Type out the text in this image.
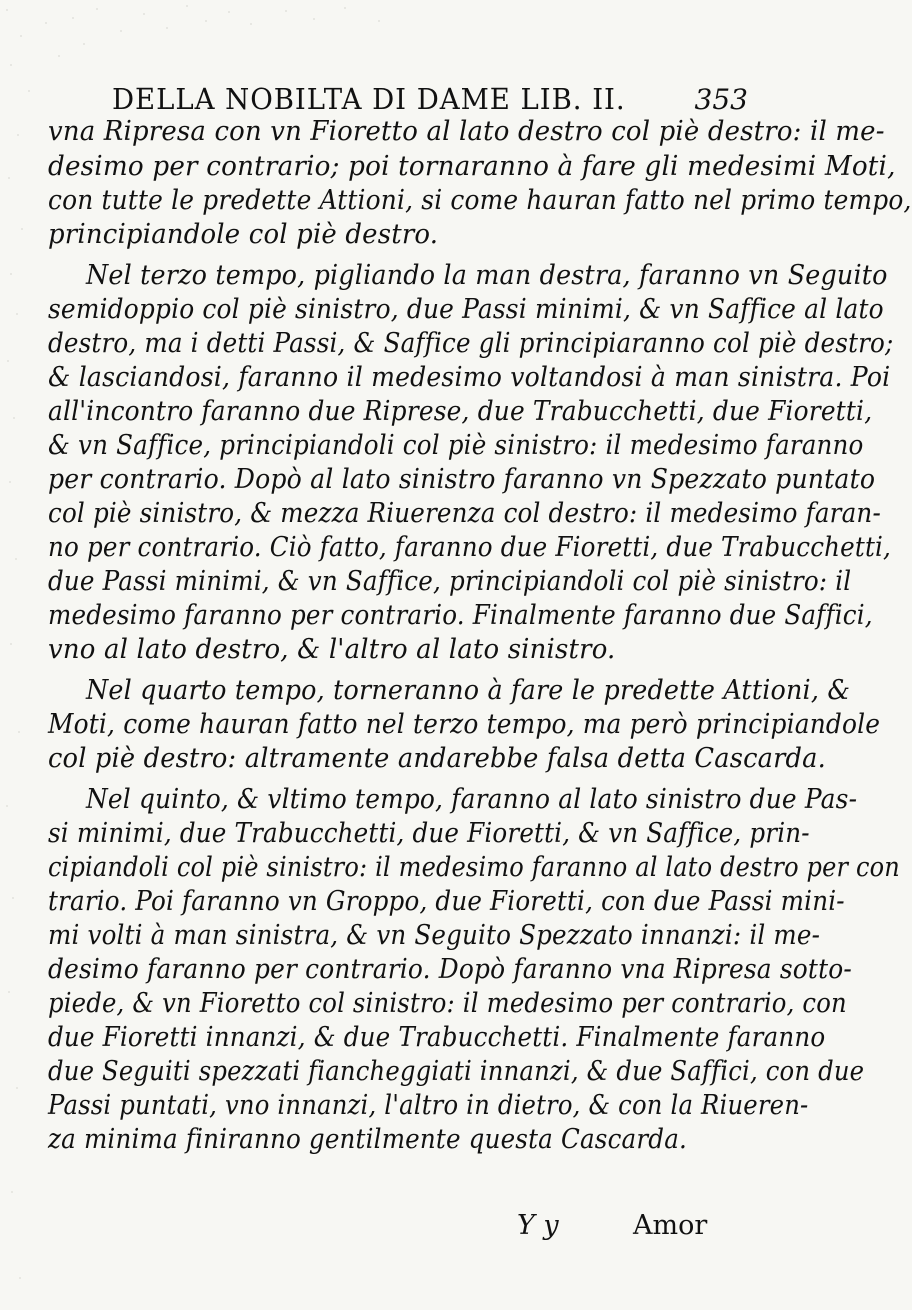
DELLA NOBILTA DI DAME LIB. II. 353
vna Ripresa con vn Fioretto al lato destro col piè destro: il me-
desimo per contrario; poi tornaranno à fare gli medesimi Moti,
con tutte le predette Attioni, si come hauran fatto nel primo tempo,
principiandole col piè destro.
Nel terzo tempo, pigliando la man destra, faranno vn Seguito
semidoppio col piè sinistro, due Passi minimi, & vn Saffice al lato
destro, ma i detti Passi, & Saffice gli principiaranno col piè destro;
& lasciandosi, faranno il medesimo voltandosi à man sinistra. Poi
all'incontro faranno due Riprese, due Trabucchetti, due Fioretti,
& vn Saffice, principiandoli col piè sinistro: il medesimo faranno
per contrario. Dopò al lato sinistro faranno vn Spezzato puntato
col piè sinistro, & mezza Riuerenza col destro: il medesimo faran-
no per contrario. Ciò fatto, faranno due Fioretti, due Trabucchetti,
due Passi minimi, & vn Saffice, principiandoli col piè sinistro: il
medesimo faranno per contrario. Finalmente faranno due Saffici,
vno al lato destro, & l'altro al lato sinistro.
Nel quarto tempo, torneranno à fare le predette Attioni, &
Moti, come hauran fatto nel terzo tempo, ma però principiandole
col piè destro: altramente andarebbe falsa detta Cascarda.
Nel quinto, & vltimo tempo, faranno al lato sinistro due Pas-
si minimi, due Trabucchetti, due Fioretti, & vn Saffice, prin-
cipiandoli col piè sinistro: il medesimo faranno al lato destro per con
trario. Poi faranno vn Groppo, due Fioretti, con due Passi mini-
mi volti à man sinistra, & vn Seguito Spezzato innanzi: il me-
desimo faranno per contrario. Dopò faranno vna Ripresa sotto-
piede, & vn Fioretto col sinistro: il medesimo per contrario, con
due Fioretti innanzi, & due Trabucchetti. Finalmente faranno
due Seguiti spezzati fiancheggiati innanzi, & due Saffici, con due
Passi puntati, vno innanzi, l'altro in dietro, & con la Riueren-
za minima finiranno gentilmente questa Cascarda.
Y y	Amor
